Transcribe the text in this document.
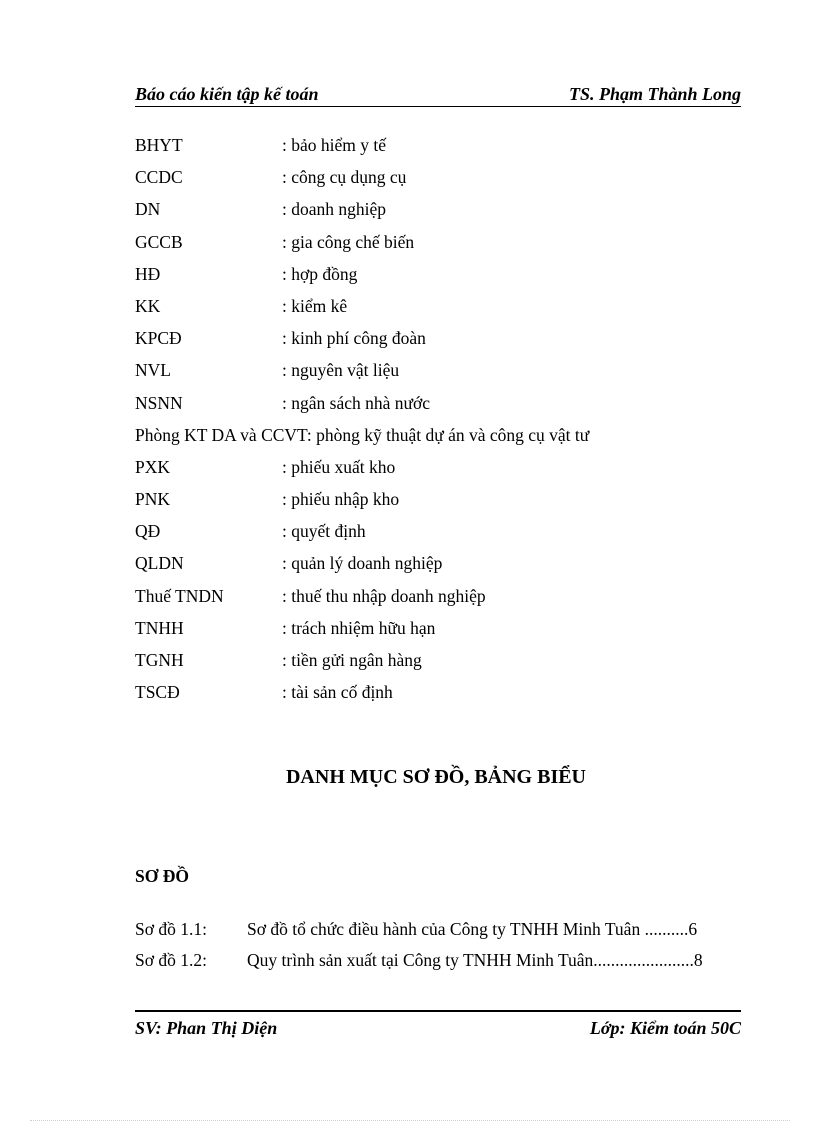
Báo cáo kiến tập kế toán	TS. Phạm Thành Long
BHYT	: bảo hiểm y tế
CCDC	: công cụ dụng cụ
DN	: doanh nghiệp
GCCB	: gia công chế biến
HĐ	: hợp đồng
KK	: kiểm kê
KPCĐ	: kinh phí công đoàn
NVL	: nguyên vật liệu
NSNN	: ngân sách nhà nước
Phòng KT DA và CCVT: phòng kỹ thuật dự án và công cụ vật tư
PXK	: phiếu xuất kho
PNK	: phiếu nhập kho
QĐ	: quyết định
QLDN	: quản lý doanh nghiệp
Thuế TNDN	: thuế thu nhập doanh nghiệp
TNHH	: trách nhiệm hữu hạn
TGNH	: tiền gửi ngân hàng
TSCĐ	: tài sản cố định
DANH MỤC SƠ ĐỒ, BẢNG BIỂU
SƠ ĐỒ
Sơ đồ 1.1: Sơ đồ tổ chức điều hành của Công ty TNHH Minh Tuân ..........6
Sơ đồ 1.2: Quy trình sản xuất tại Công ty TNHH Minh Tuân.......................8
SV: Phan Thị Diện	Lớp: Kiểm toán 50C
